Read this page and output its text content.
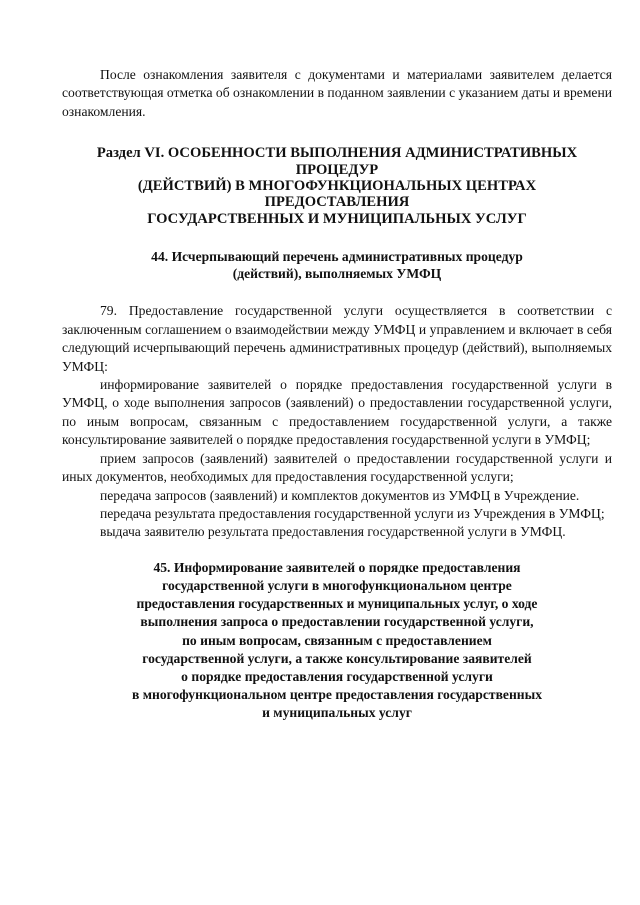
После ознакомления заявителя с документами и материалами заявителем делается соответствующая отметка об ознакомлении в поданном заявлении с указанием даты и времени ознакомления.

Раздел VI. ОСОБЕННОСТИ ВЫПОЛНЕНИЯ АДМИНИСТРАТИВНЫХ
ПРОЦЕДУР
(ДЕЙСТВИЙ) В МНОГОФУНКЦИОНАЛЬНЫХ ЦЕНТРАХ
ПРЕДОСТАВЛЕНИЯ
ГОСУДАРСТВЕННЫХ И МУНИЦИПАЛЬНЫХ УСЛУГ
44. Исчерпывающий перечень административных процедур
(действий), выполняемых УМФЦ

79. Предоставление государственной услуги осуществляется в соответствии с заключенным соглашением о взаимодействии между УМФЦ и управлением и включает в себя следующий исчерпывающий перечень административных процедур (действий), выполняемых УМФЦ:

информирование заявителей о порядке предоставления государственной услуги в УМФЦ, о ходе выполнения запросов (заявлений) о предоставлении государственной услуги, по иным вопросам, связанным с предоставлением государственной услуги, а также консультирование заявителей о порядке предоставления государственной услуги в УМФЦ;

прием запросов (заявлений) заявителей о предоставлении государственной услуги и иных документов, необходимых для предоставления государственной услуги;

передача запросов (заявлений) и комплектов документов из УМФЦ в Учреждение.

передача результата предоставления государственной услуги из Учреждения в УМФЦ;

выдача заявителю результата предоставления государственной услуги в УМФЦ.

45. Информирование заявителей о порядке предоставления
государственной услуги в многофункциональном центре
предоставления государственных и муниципальных услуг, о ходе
выполнения запроса о предоставлении государственной услуги,
по иным вопросам, связанным с предоставлением
государственной услуги, а также консультирование заявителей
о порядке предоставления государственной услуги
в многофункциональном центре предоставления государственных
и муниципальных услуг
